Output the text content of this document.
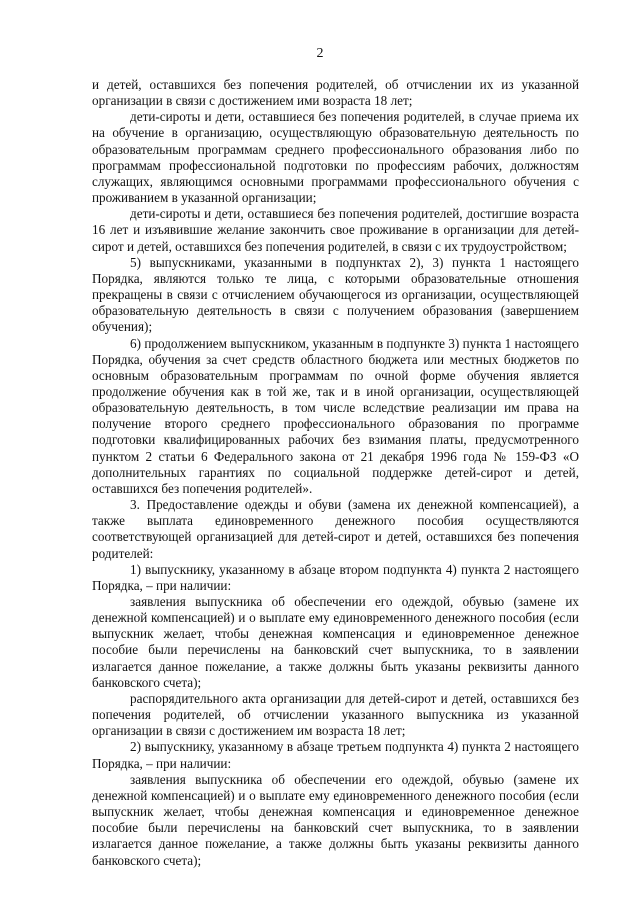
2

и детей, оставшихся без попечения родителей, об отчислении их из указанной организации в связи с достижением ими возраста 18 лет;

дети-сироты и дети, оставшиеся без попечения родителей, в случае приема их на обучение в организацию, осуществляющую образовательную деятельность по образовательным программам среднего профессионального образования либо по программам профессиональной подготовки по профессиям рабочих, должностям служащих, являющимся основными программами профессионального обучения с проживанием в указанной организации;

дети-сироты и дети, оставшиеся без попечения родителей, достигшие возраста 16 лет и изъявившие желание закончить свое проживание в организации для детей-сирот и детей, оставшихся без попечения родителей, в связи с их трудоустройством;

5) выпускниками, указанными в подпунктах 2), 3) пункта 1 настоящего Порядка, являются только те лица, с которыми образовательные отношения прекращены в связи с отчислением обучающегося из организации, осуществляющей образовательную деятельность в связи с получением образования (завершением обучения);

6) продолжением выпускником, указанным в подпункте 3) пункта 1 настоящего Порядка, обучения за счет средств областного бюджета или местных бюджетов по основным образовательным программам по очной форме обучения является продолжение обучения как в той же, так и в иной организации, осуществляющей образовательную деятельность, в том числе вследствие реализации им права на получение второго среднего профессионального образования по программе подготовки квалифицированных рабочих без взимания платы, предусмотренного пунктом 2 статьи 6 Федерального закона от 21 декабря 1996 года № 159-ФЗ «О дополнительных гарантиях по социальной поддержке детей-сирот и детей, оставшихся без попечения родителей».

3. Предоставление одежды и обуви (замена их денежной компенсацией), а также выплата единовременного денежного пособия осуществляются соответствующей организацией для детей-сирот и детей, оставшихся без попечения родителей:

1) выпускнику, указанному в абзаце втором подпункта 4) пункта 2 настоящего Порядка, – при наличии:

заявления выпускника об обеспечении его одеждой, обувью (замене их денежной компенсацией) и о выплате ему единовременного денежного пособия (если выпускник желает, чтобы денежная компенсация и единовременное денежное пособие были перечислены на банковский счет выпускника, то в заявлении излагается данное пожелание, а также должны быть указаны реквизиты данного банковского счета);

распорядительного акта организации для детей-сирот и детей, оставшихся без попечения родителей, об отчислении указанного выпускника из указанной организации в связи с достижением им возраста 18 лет;

2) выпускнику, указанному в абзаце третьем подпункта 4) пункта 2 настоящего Порядка, – при наличии:

заявления выпускника об обеспечении его одеждой, обувью (замене их денежной компенсацией) и о выплате ему единовременного денежного пособия (если выпускник желает, чтобы денежная компенсация и единовременное денежное пособие были перечислены на банковский счет выпускника, то в заявлении излагается данное пожелание, а также должны быть указаны реквизиты данного банковского счета);
